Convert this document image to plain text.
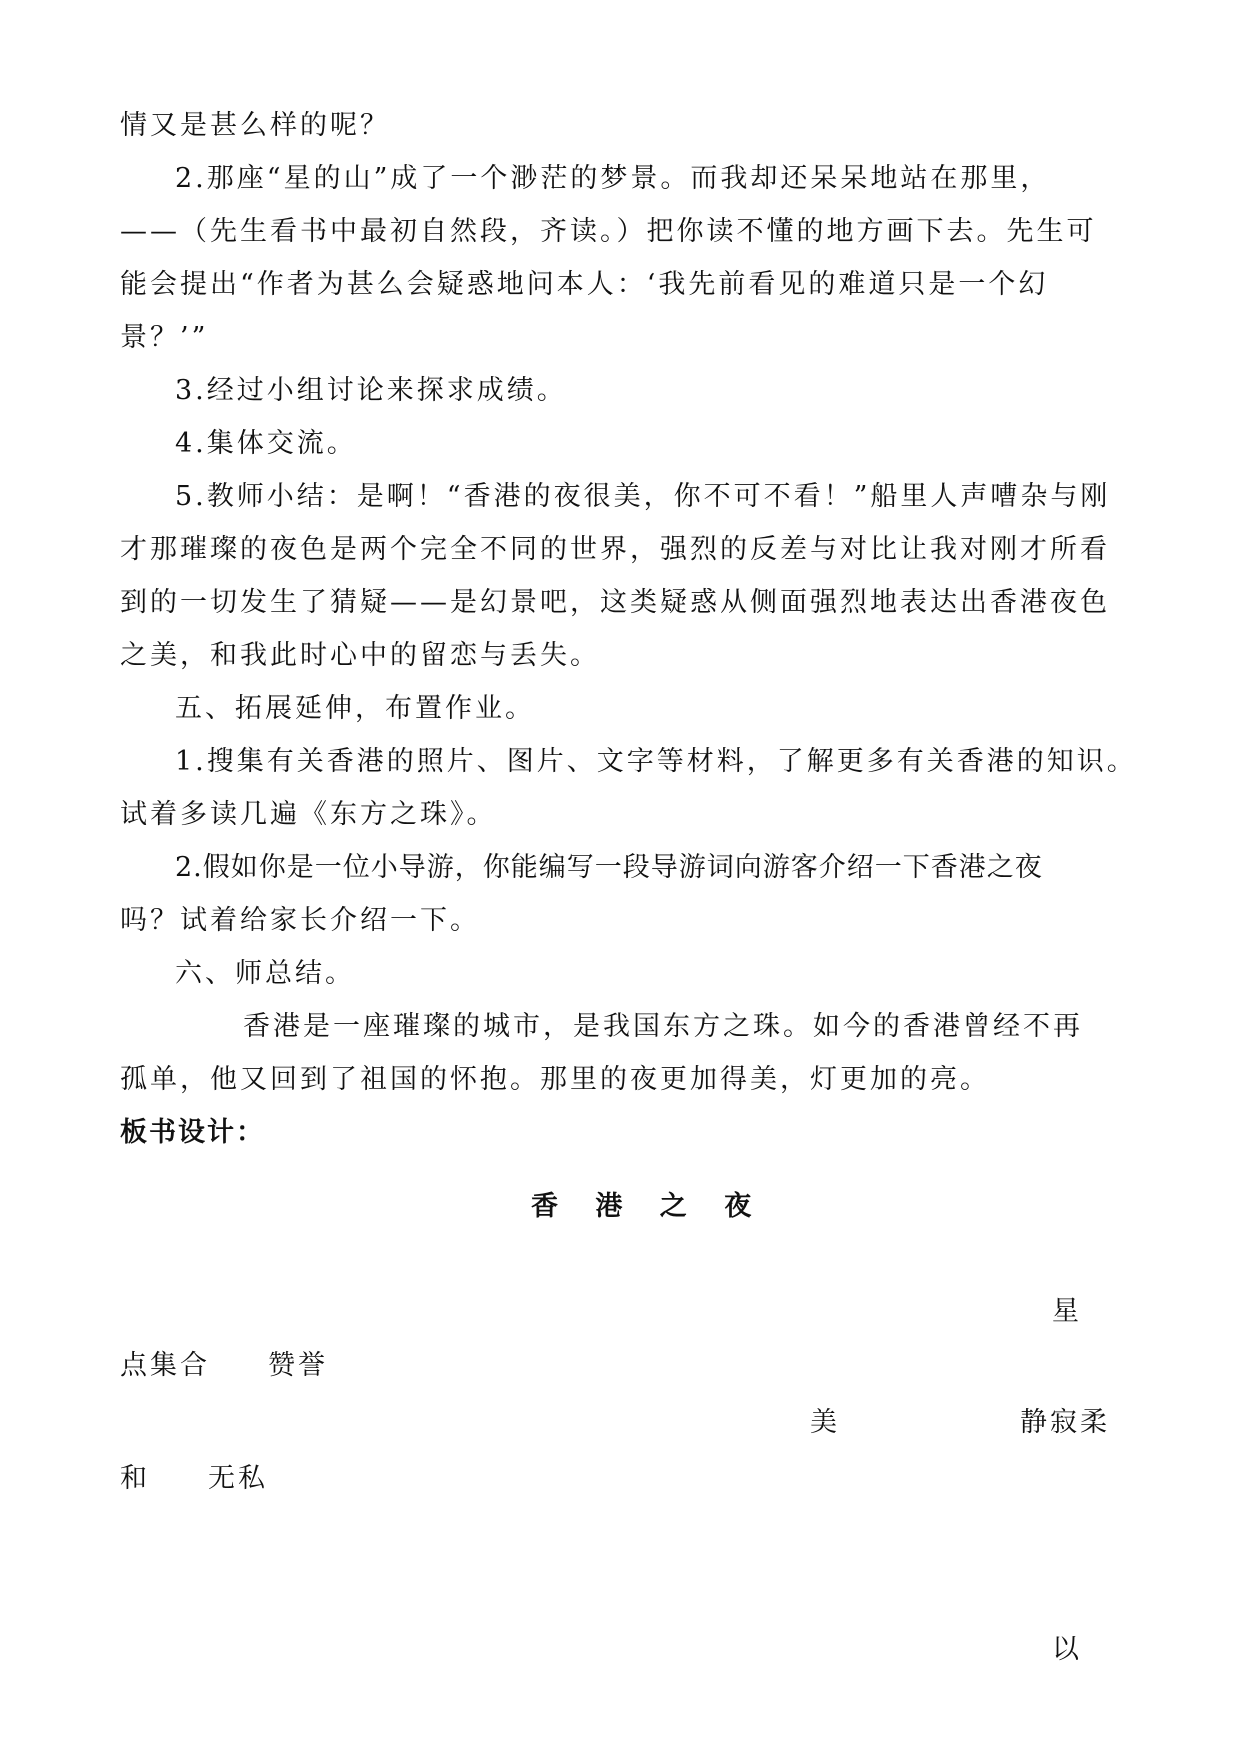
情又是甚么样的呢？
2.那座“星的山”成了一个渺茫的梦景。而我却还呆呆地站在那里，
——（先生看书中最初自然段，齐读。）把你读不懂的地方画下去。先生可
能会提出“作者为甚么会疑惑地问本人：‘我先前看见的难道只是一个幻
景？’”
3.经过小组讨论来探求成绩。
4.集体交流。
5.教师小结：是啊！“香港的夜很美，你不可不看！”船里人声嘈杂与刚
才那璀璨的夜色是两个完全不同的世界，强烈的反差与对比让我对刚才所看
到的一切发生了猜疑——是幻景吧，这类疑惑从侧面强烈地表达出香港夜色
之美，和我此时心中的留恋与丢失。
五、拓展延伸，布置作业。
1.搜集有关香港的照片、图片、文字等材料，了解更多有关香港的知识。
试着多读几遍《东方之珠》。
2.假如你是一位小导游，你能编写一段导游词向游客介绍一下香港之夜
吗？试着给家长介绍一下。
六、师总结。
香港是一座璀璨的城市，是我国东方之珠。如今的香港曾经不再
孤单，他又回到了祖国的怀抱。那里的夜更加得美，灯更加的亮。
板书设计：
香 港 之 夜
星
点集合 赞誉
美	静寂柔
和 无私
以
